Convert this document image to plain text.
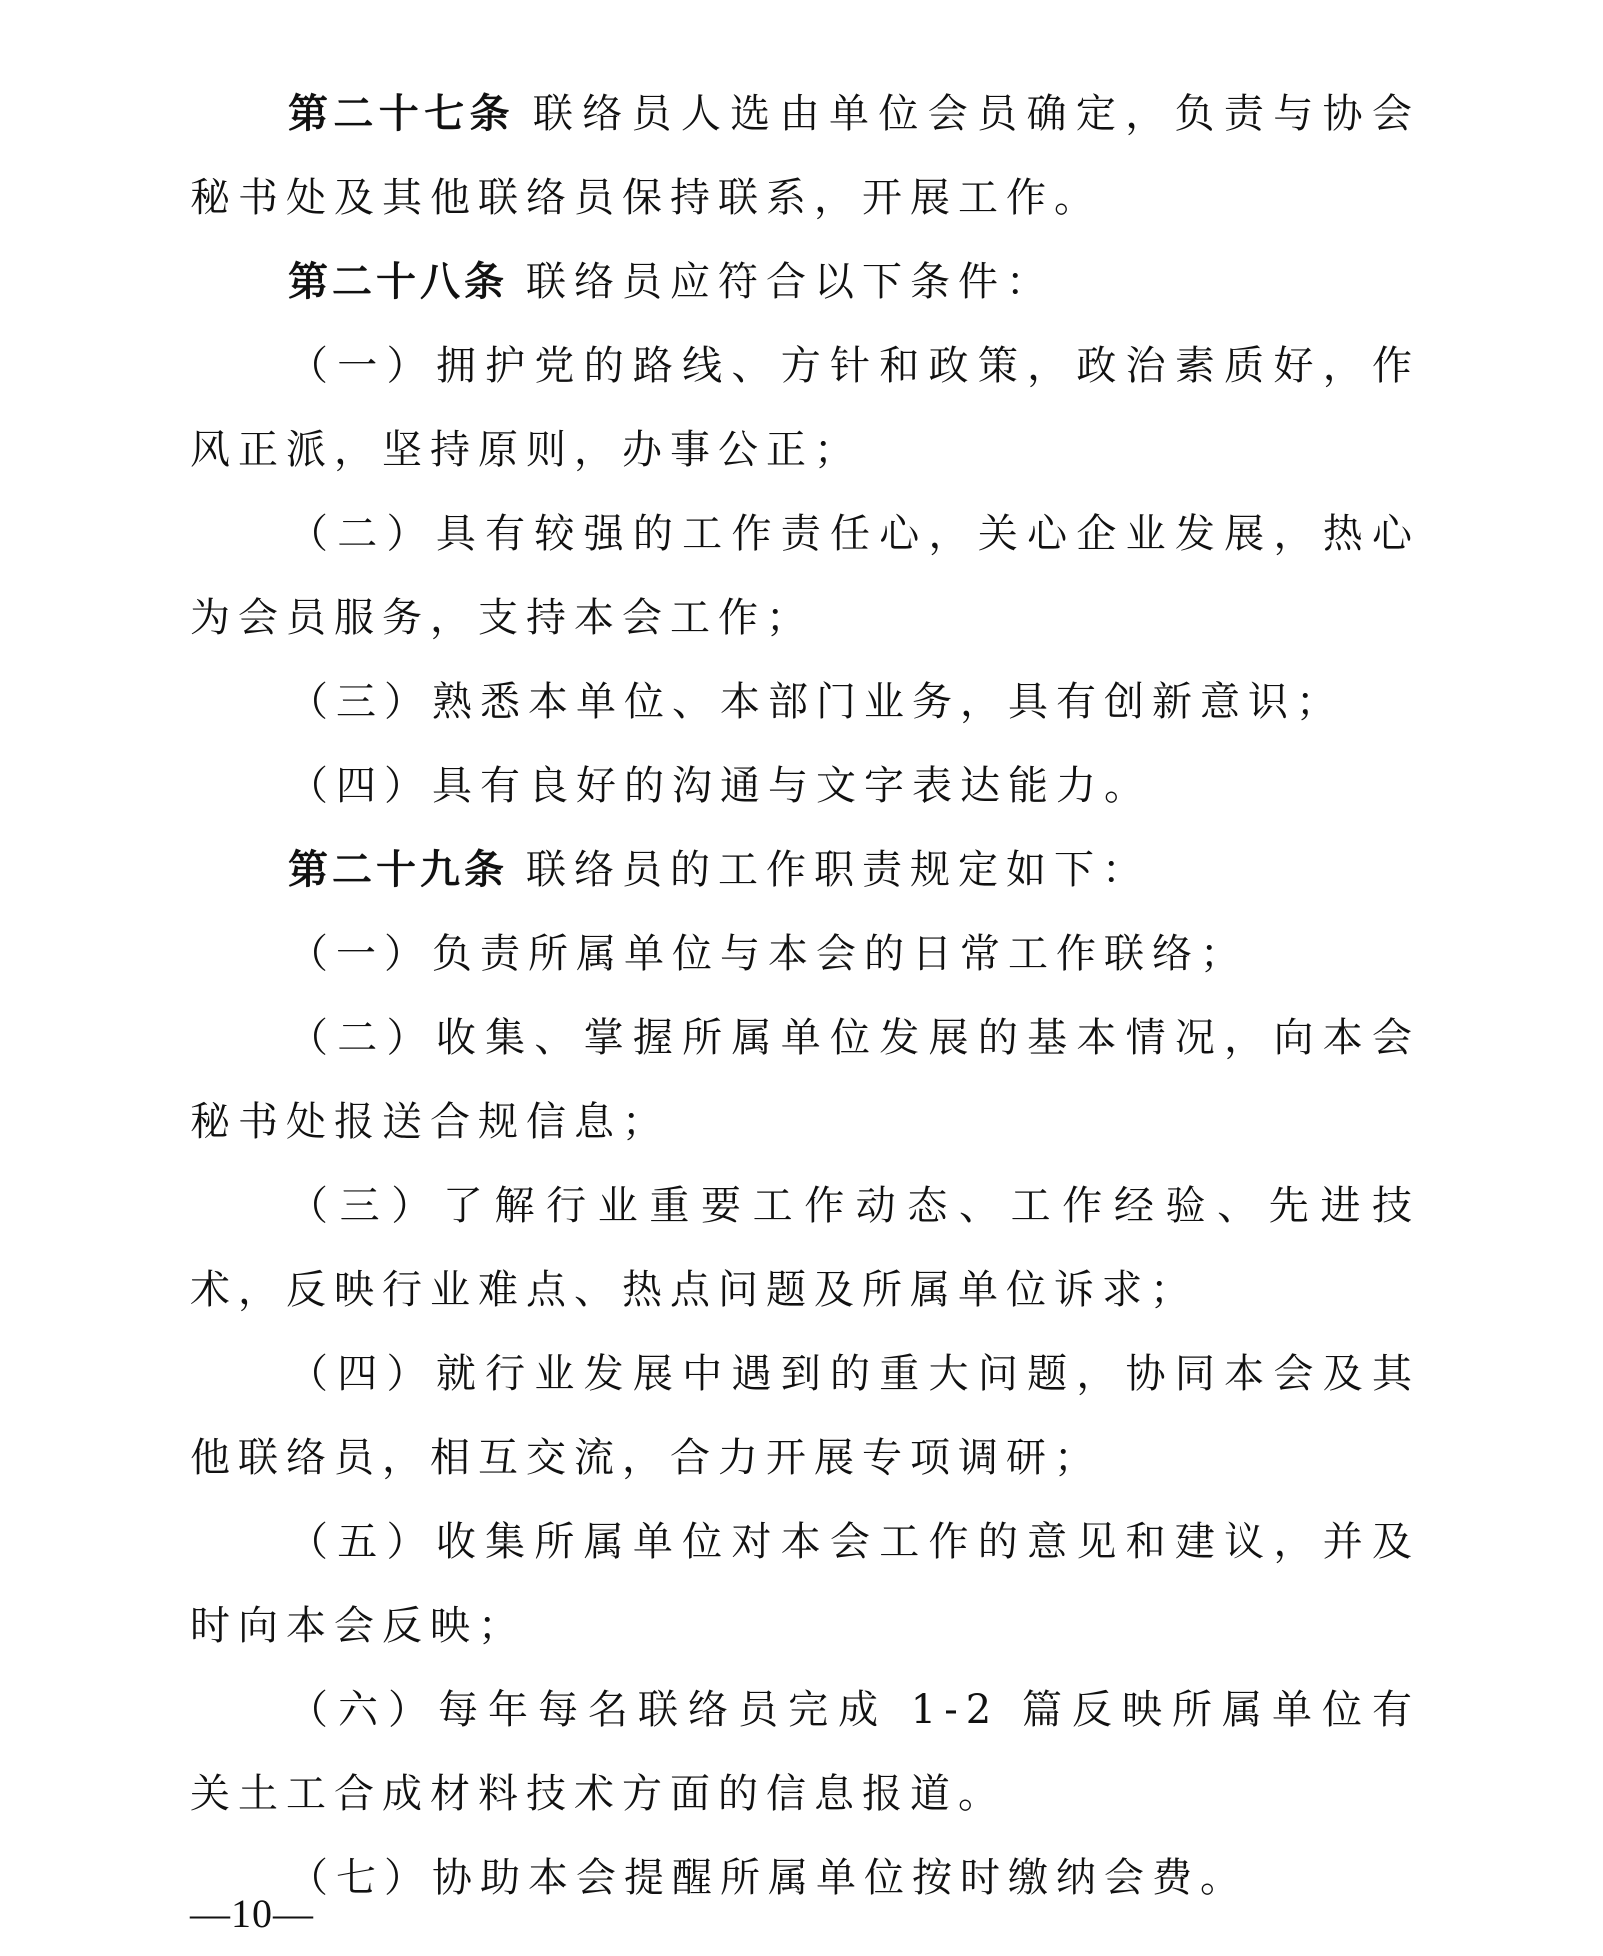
第二十七条 联络员人选由单位会员确定，负责与协会秘书处及其他联络员保持联系，开展工作。

第二十八条 联络员应符合以下条件：

（一）拥护党的路线、方针和政策，政治素质好，作风正派，坚持原则，办事公正；

（二）具有较强的工作责任心，关心企业发展，热心为会员服务，支持本会工作；

（三）熟悉本单位、本部门业务，具有创新意识；

（四）具有良好的沟通与文字表达能力。

第二十九条 联络员的工作职责规定如下：

（一）负责所属单位与本会的日常工作联络；

（二）收集、掌握所属单位发展的基本情况，向本会秘书处报送合规信息；

（三）了解行业重要工作动态、工作经验、先进技术，反映行业难点、热点问题及所属单位诉求；

（四）就行业发展中遇到的重大问题，协同本会及其他联络员，相互交流，合力开展专项调研；

（五）收集所属单位对本会工作的意见和建议，并及时向本会反映；

（六）每年每名联络员完成 1-2 篇反映所属单位有关土工合成材料技术方面的信息报道。

（七）协助本会提醒所属单位按时缴纳会费。

—10—
